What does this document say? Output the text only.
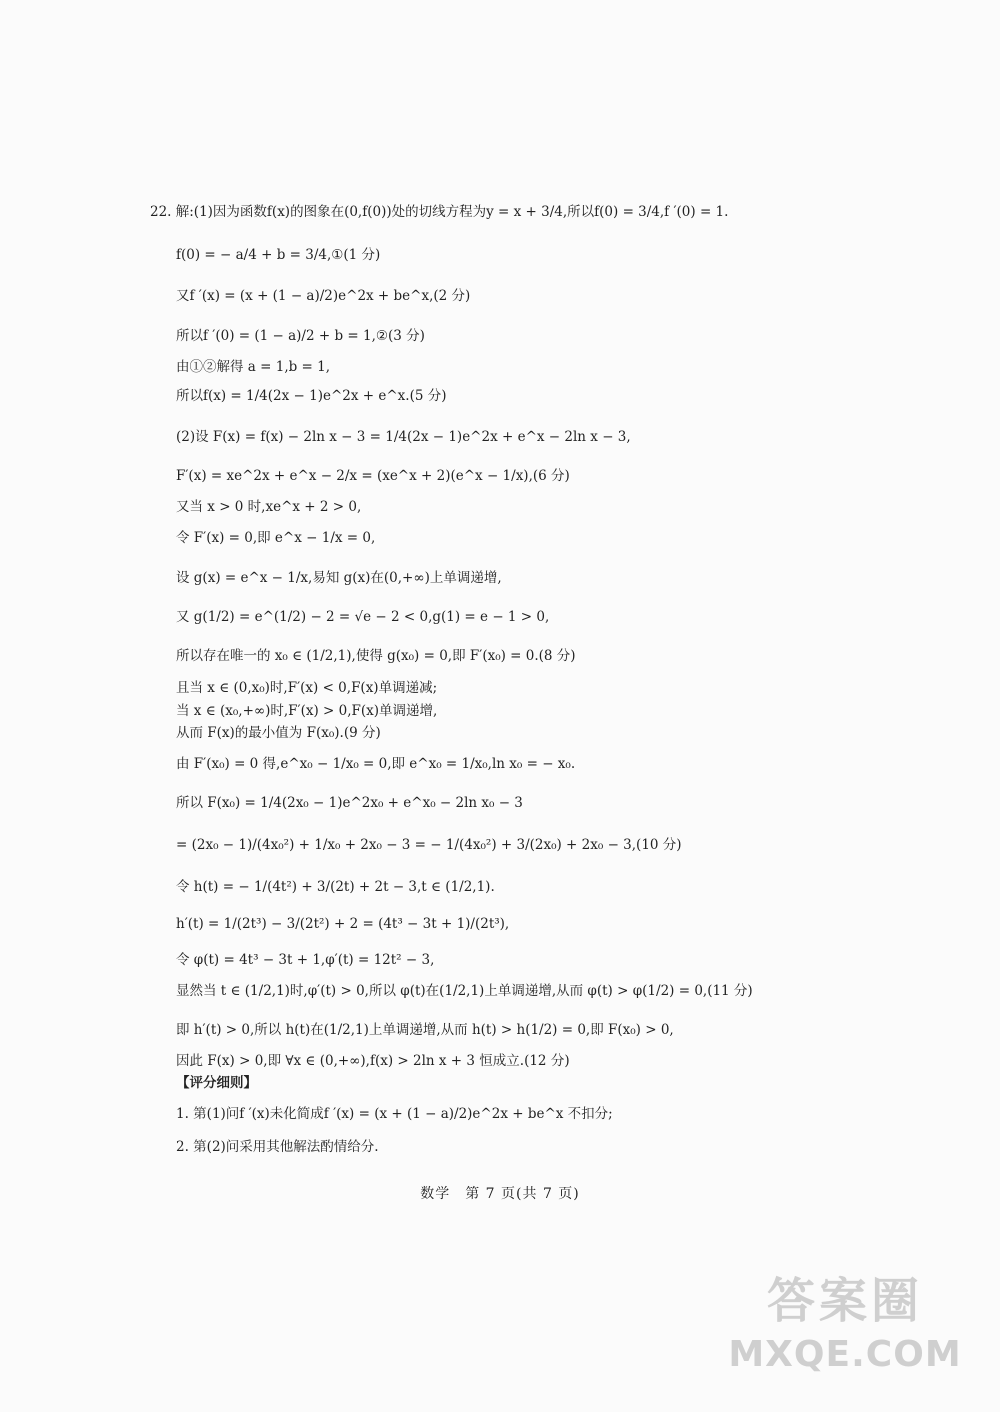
22. 解:(1)因为函数f(x)的图象在(0,f(0))处的切线方程为y = x + 3/4,所以f(0) = 3/4,f ′(0) = 1.
f(0) = − a/4 + b = 3/4,①(1 分)
又f ′(x) = (x + (1 − a)/2)e^2x + be^x,(2 分)
所以f ′(0) = (1 − a)/2 + b = 1,②(3 分)
由①②解得 a = 1,b = 1,
所以f(x) = 1/4(2x − 1)e^2x + e^x.(5 分)
(2)设 F(x) = f(x) − 2ln x − 3 = 1/4(2x − 1)e^2x + e^x − 2ln x − 3,
F′(x) = xe^2x + e^x − 2/x = (xe^x + 2)(e^x − 1/x),(6 分)
又当 x > 0 时,xe^x + 2 > 0,
令 F′(x) = 0,即 e^x − 1/x = 0,
设 g(x) = e^x − 1/x,易知 g(x)在(0,+∞)上单调递增,
又 g(1/2) = e^(1/2) − 2 = √e − 2 < 0,g(1) = e − 1 > 0,
所以存在唯一的 x₀ ∈ (1/2,1),使得 g(x₀) = 0,即 F′(x₀) = 0.(8 分)
且当 x ∈ (0,x₀)时,F′(x) < 0,F(x)单调递减;
当 x ∈ (x₀,+∞)时,F′(x) > 0,F(x)单调递增,
从而 F(x)的最小值为 F(x₀).(9 分)
由 F′(x₀) = 0 得,e^x₀ − 1/x₀ = 0,即 e^x₀ = 1/x₀,ln x₀ = − x₀.
所以 F(x₀) = 1/4(2x₀ − 1)e^2x₀ + e^x₀ − 2ln x₀ − 3
= (2x₀ − 1)/(4x₀²) + 1/x₀ + 2x₀ − 3 = − 1/(4x₀²) + 3/(2x₀) + 2x₀ − 3,(10 分)
令 h(t) = − 1/(4t²) + 3/(2t) + 2t − 3,t ∈ (1/2,1).
h′(t) = 1/(2t³) − 3/(2t²) + 2 = (4t³ − 3t + 1)/(2t³),
令 φ(t) = 4t³ − 3t + 1,φ′(t) = 12t² − 3,
显然当 t ∈ (1/2,1)时,φ′(t) > 0,所以 φ(t)在(1/2,1)上单调递增,从而 φ(t) > φ(1/2) = 0,(11 分)
即 h′(t) > 0,所以 h(t)在(1/2,1)上单调递增,从而 h(t) > h(1/2) = 0,即 F(x₀) > 0,
因此 F(x) > 0,即 ∀x ∈ (0,+∞),f(x) > 2ln x + 3 恒成立.(12 分)
【评分细则】
1. 第(1)问f ′(x)未化简成f ′(x) = (x + (1 − a)/2)e^2x + be^x 不扣分;
2. 第(2)问采用其他解法酌情给分.
数学　第 7 页(共 7 页)
答案圈
MXQE.COM
